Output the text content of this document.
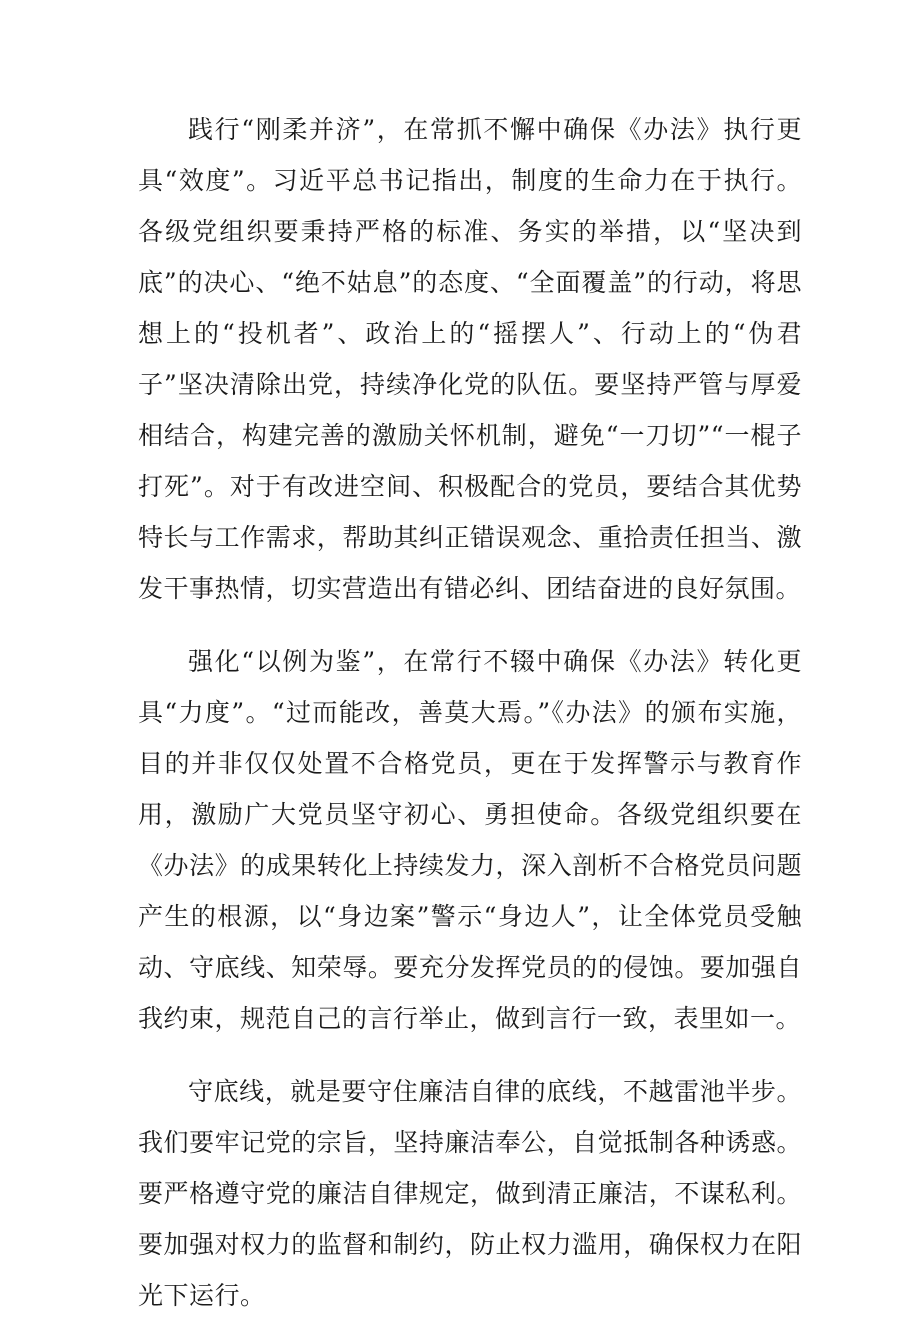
践行“刚柔并济”，在常抓不懈中确保《办法》执行更具“效度”。习近平总书记指出，制度的生命力在于执行。各级党组织要秉持严格的标准、务实的举措，以“坚决到底”的决心、“绝不姑息”的态度、“全面覆盖”的行动，将思想上的“投机者”、政治上的“摇摆人”、行动上的“伪君子”坚决清除出党，持续净化党的队伍。要坚持严管与厚爱相结合，构建完善的激励关怀机制，避免“一刀切”“一棍子打死”。对于有改进空间、积极配合的党员，要结合其优势特长与工作需求，帮助其纠正错误观念、重拾责任担当、激发干事热情，切实营造出有错必纠、团结奋进的良好氛围。

强化“以例为鉴”，在常行不辍中确保《办法》转化更具“力度”。“过而能改，善莫大焉。”《办法》的颁布实施，目的并非仅仅处置不合格党员，更在于发挥警示与教育作用，激励广大党员坚守初心、勇担使命。各级党组织要在《办法》的成果转化上持续发力，深入剖析不合格党员问题产生的根源，以“身边案”警示“身边人”，让全体党员受触动、守底线、知荣辱。要充分发挥党员的的侵蚀。要加强自我约束，规范自己的言行举止，做到言行一致，表里如一。

守底线，就是要守住廉洁自律的底线，不越雷池半步。我们要牢记党的宗旨，坚持廉洁奉公，自觉抵制各种诱惑。要严格遵守党的廉洁自律规定，做到清正廉洁，不谋私利。要加强对权力的监督和制约，防止权力滥用，确保权力在阳光下运行。
